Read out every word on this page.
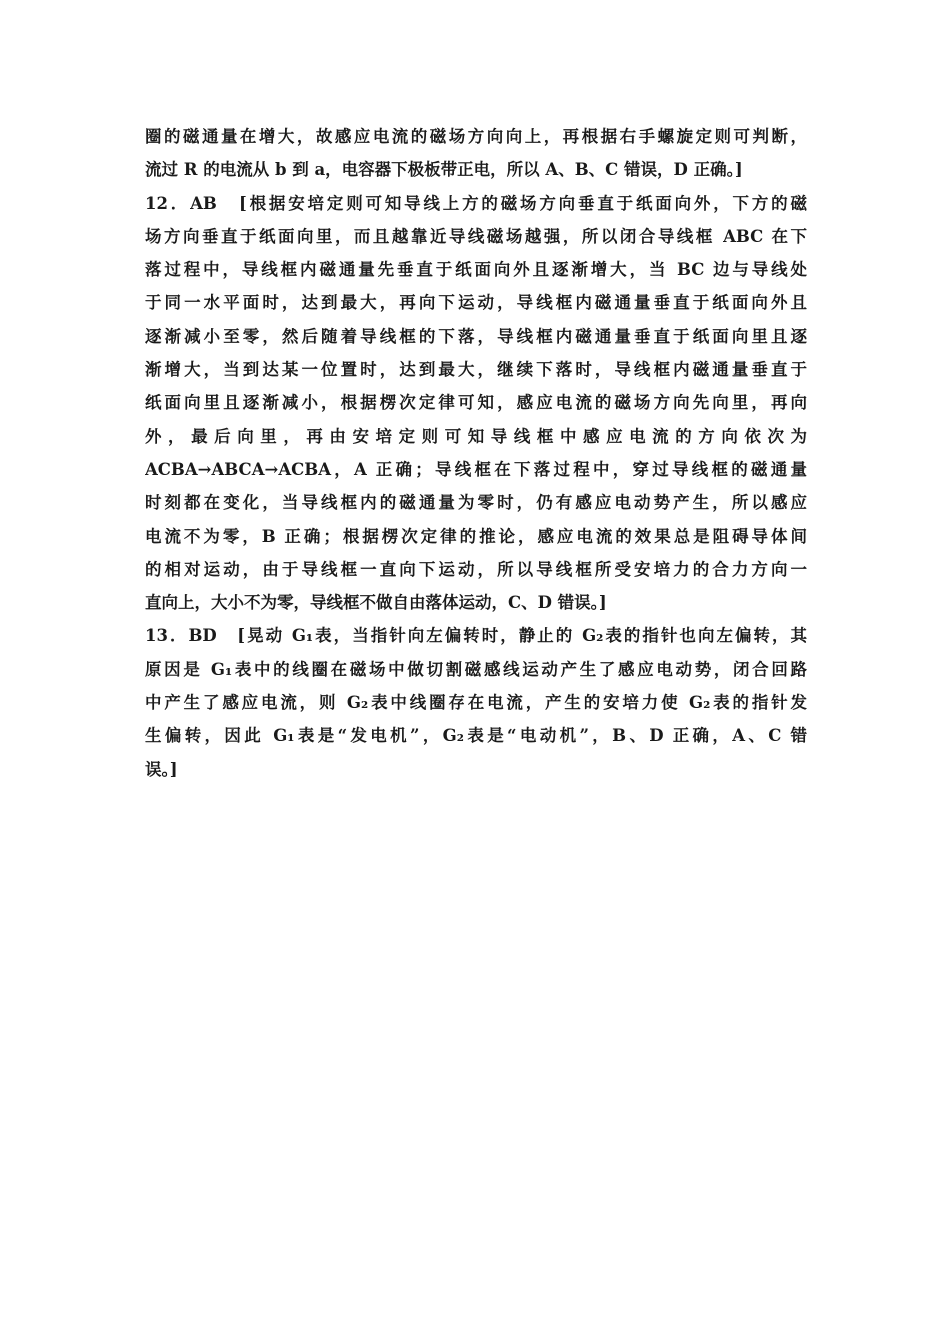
圈的磁通量在增大，故感应电流的磁场方向向上，再根据右手螺旋定则可判断，
流过 R 的电流从 b 到 a，电容器下极板带正电，所以 A、B、C 错误，D 正确。]
12．AB　[根据安培定则可知导线上方的磁场方向垂直于纸面向外，下方的磁
场方向垂直于纸面向里，而且越靠近导线磁场越强，所以闭合导线框 ABC 在下
落过程中，导线框内磁通量先垂直于纸面向外且逐渐增大，当 BC 边与导线处
于同一水平面时，达到最大，再向下运动，导线框内磁通量垂直于纸面向外且
逐渐减小至零，然后随着导线框的下落，导线框内磁通量垂直于纸面向里且逐
渐增大，当到达某一位置时，达到最大，继续下落时，导线框内磁通量垂直于
纸面向里且逐渐减小，根据楞次定律可知，感应电流的磁场方向先向里，再向
外，最后向里，再由安培定则可知导线框中感应电流的方向依次为
ACBA→ABCA→ACBA，A 正确；导线框在下落过程中，穿过导线框的磁通量
时刻都在变化，当导线框内的磁通量为零时，仍有感应电动势产生，所以感应
电流不为零，B 正确；根据楞次定律的推论，感应电流的效果总是阻碍导体间
的相对运动，由于导线框一直向下运动，所以导线框所受安培力的合力方向一
直向上，大小不为零，导线框不做自由落体运动，C、D 错误。]
13．BD　[晃动 G₁表，当指针向左偏转时，静止的 G₂表的指针也向左偏转，其
原因是 G₁表中的线圈在磁场中做切割磁感线运动产生了感应电动势，闭合回路
中产生了感应电流，则 G₂表中线圈存在电流，产生的安培力使 G₂表的指针发
生偏转，因此 G₁表是“发电机”，G₂表是“电动机”，B、D 正确，A、C 错
误。]
